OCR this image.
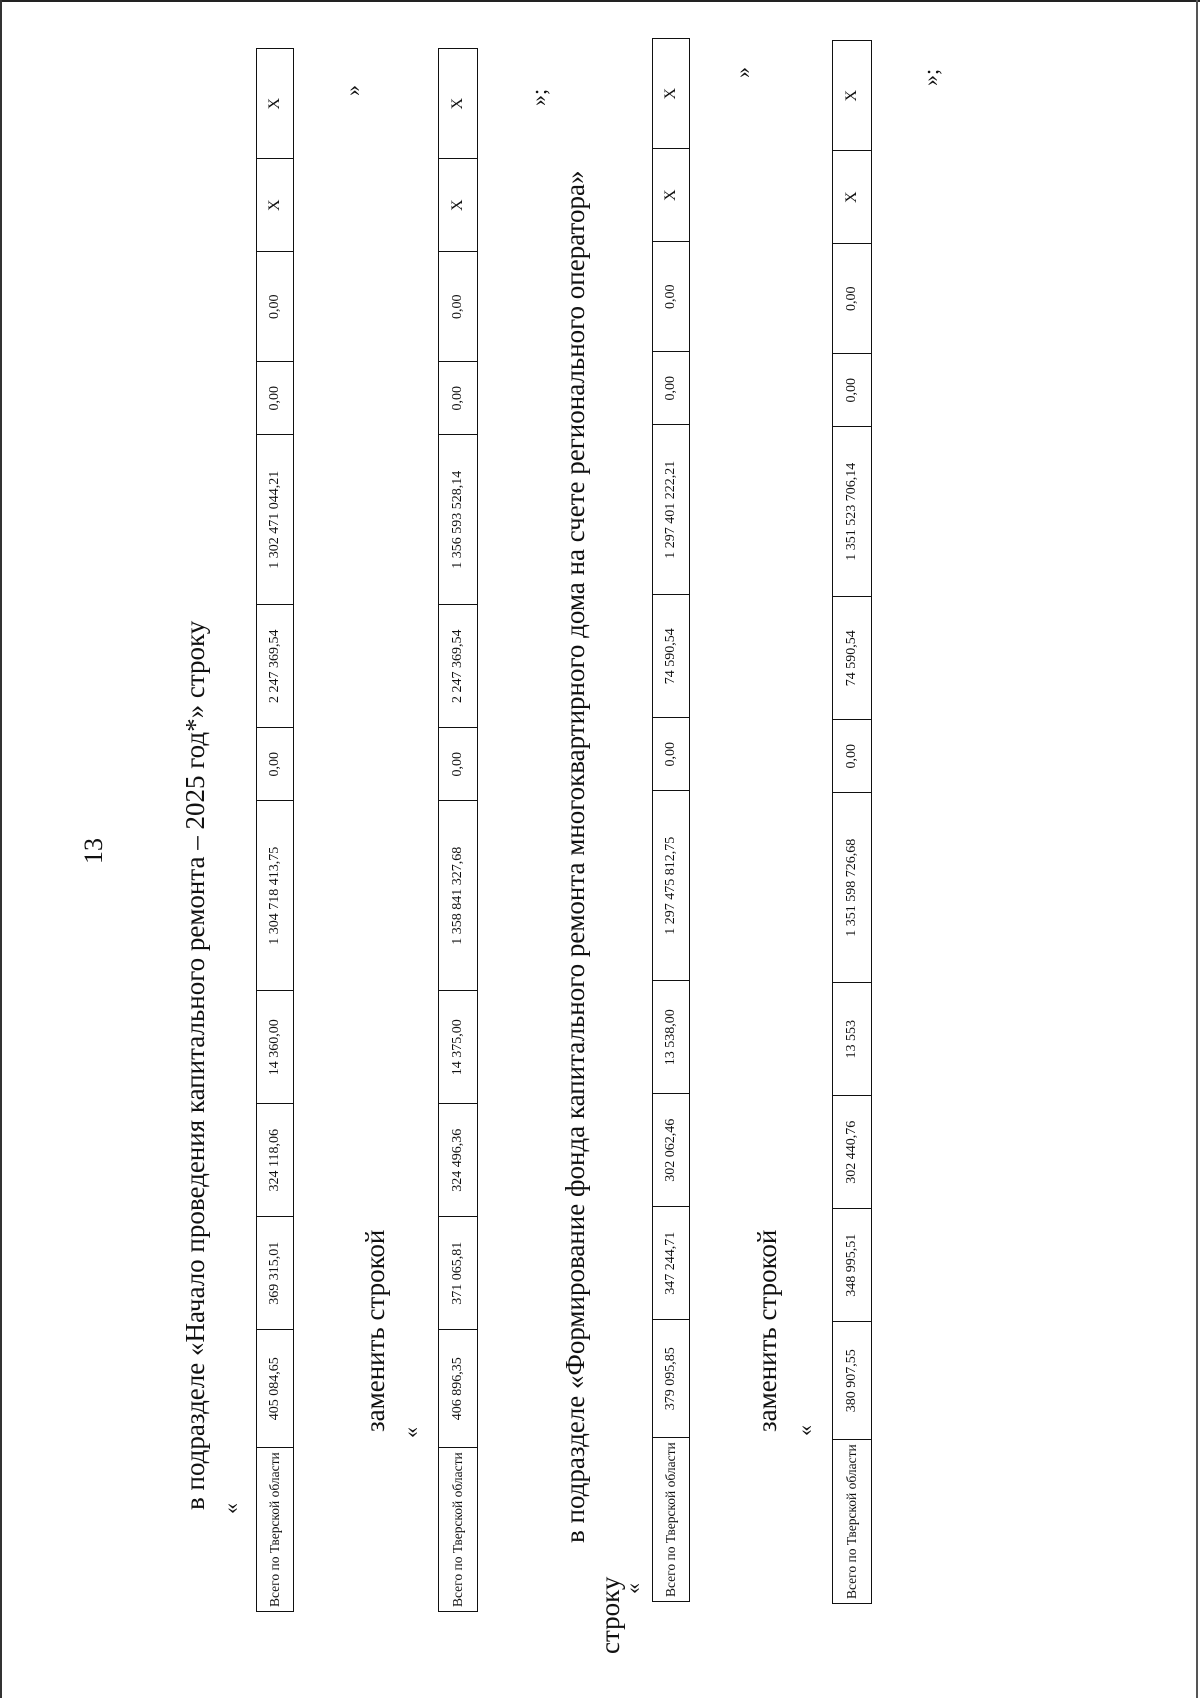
13	в подразделе «Начало проведения капитального ремонта – 2025 год*» строку « Всего по Тверской области	405 084,65	369 315,01	324 118,06	14 360,00	1 304 718 413,75	0,00	2 247 369,54	1 302 471 044,21	0,00	0,00	X	X
»
заменить строкой
«
Всего по Тверской области	406 896,35	371 065,81	324 496,36	14 375,00	1 358 841 327,68	0,00	2 247 369,54	1 356 593 528,14	0,00	0,00	X	X	»;
в подразделе «Формирование фонда капитального ремонта многоквартирного дома на счете регионального оператора»
строку
« Всего по Тверской области	379 095,85	347 244,71	302 062,46	13 538,00	1 297 475 812,75	0,00	74 590,54	1 297 401 222,21	0,00	0,00	X	X
»
заменить строкой «
Всего по Тверской области	380 907,55	348 995,51	302 440,76	13 553	1 351 598 726,68	0,00	74 590,54	1 351 523 706,14	0,00	0,00	X	X
»;
